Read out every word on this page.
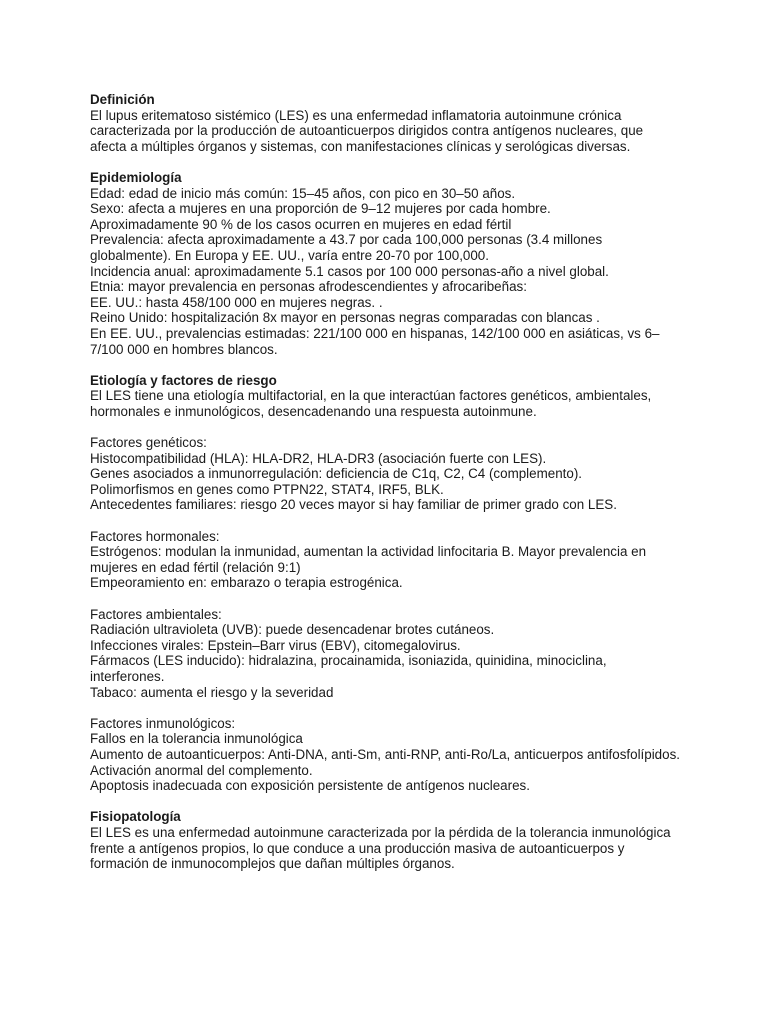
Definición
El lupus eritematoso sistémico (LES) es una enfermedad inflamatoria autoinmune crónica caracterizada por la producción de autoanticuerpos dirigidos contra antígenos nucleares, que afecta a múltiples órganos y sistemas, con manifestaciones clínicas y serológicas diversas.
Epidemiología
Edad: edad de inicio más común: 15–45 años, con pico en 30–50 años.
Sexo: afecta a mujeres en una proporción de 9–12 mujeres por cada hombre.
Aproximadamente 90 % de los casos ocurren en mujeres en edad fértil
Prevalencia: afecta aproximadamente a 43.7 por cada 100,000 personas (3.4 millones globalmente). En Europa y EE. UU., varía entre 20-70 por 100,000.
Incidencia anual: aproximadamente 5.1 casos por 100 000 personas-año a nivel global.
Etnia: mayor prevalencia en personas afrodescendientes y afrocaribeñas:
EE. UU.: hasta 458/100 000 en mujeres negras. .
Reino Unido: hospitalización 8x mayor en personas negras comparadas con blancas .
En EE. UU., prevalencias estimadas: 221/100 000 en hispanas, 142/100 000 en asiáticas, vs 6–7/100 000 en hombres blancos.
Etiología y factores de riesgo
El LES tiene una etiología multifactorial, en la que interactúan factores genéticos, ambientales, hormonales e inmunológicos, desencadenando una respuesta autoinmune.
Factores genéticos:
Histocompatibilidad (HLA): HLA-DR2, HLA-DR3 (asociación fuerte con LES).
Genes asociados a inmunorregulación: deficiencia de C1q, C2, C4 (complemento).
Polimorfismos en genes como PTPN22, STAT4, IRF5, BLK.
Antecedentes familiares: riesgo 20 veces mayor si hay familiar de primer grado con LES.
Factores hormonales:
Estrógenos: modulan la inmunidad, aumentan la actividad linfocitaria B. Mayor prevalencia en mujeres en edad fértil (relación 9:1)
Empeoramiento en: embarazo o terapia estrogénica.
Factores ambientales:
Radiación ultravioleta (UVB): puede desencadenar brotes cutáneos.
Infecciones virales: Epstein–Barr virus (EBV), citomegalovirus.
Fármacos (LES inducido): hidralazina, procainamida, isoniazida, quinidina, minociclina, interferones.
Tabaco: aumenta el riesgo y la severidad
Factores inmunológicos:
Fallos en la tolerancia inmunológica
Aumento de autoanticuerpos: Anti-DNA, anti-Sm, anti-RNP, anti-Ro/La, anticuerpos antifosfolípidos.
Activación anormal del complemento.
Apoptosis inadecuada con exposición persistente de antígenos nucleares.
Fisiopatología
El LES es una enfermedad autoinmune caracterizada por la pérdida de la tolerancia inmunológica frente a antígenos propios, lo que conduce a una producción masiva de autoanticuerpos y formación de inmunocomplejos que dañan múltiples órganos.
